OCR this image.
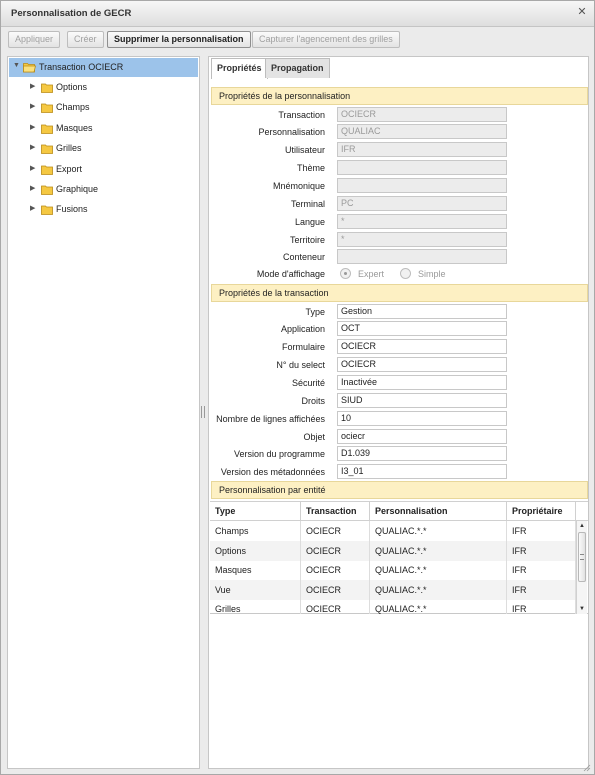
Personnalisation de GECR	✕
Appliquer	Créer	Supprimer la personnalisation	Capturer l'agencement des grilles
▼ Transaction OCIECR
▶ Options
▶ Champs
▶ Masques
▶ Grilles
▶ Export
▶ Graphique
▶ Fusions
Propriétés	Propagation
Propriétés de la personnalisation
Transaction	OCIECR
Personnalisation	QUALIAC
Utilisateur	IFR
Thème
Mnémonique
Terminal	PC
Langue	*
Territoire	*
Conteneur
Mode d'affichage	Expert	Simple
Propriétés de la transaction
Type	Gestion
Application	OCT
Formulaire	OCIECR
N° du select	OCIECR
Sécurité	Inactivée
Droits	SIUD
Nombre de lignes affichées	10
Objet	ociecr
Version du programme	D1.039
Version des métadonnées	I3_01
Personnalisation par entité
Type	Transaction	Personnalisation	Propriétaire
Champs	OCIECR	QUALIAC.*.*	IFR
Options	OCIECR	QUALIAC.*.*	IFR
Masques	OCIECR	QUALIAC.*.*	IFR
Vue	OCIECR	QUALIAC.*.*	IFR
Grilles	OCIECR	QUALIAC.*.*	IFR
▲
▼
